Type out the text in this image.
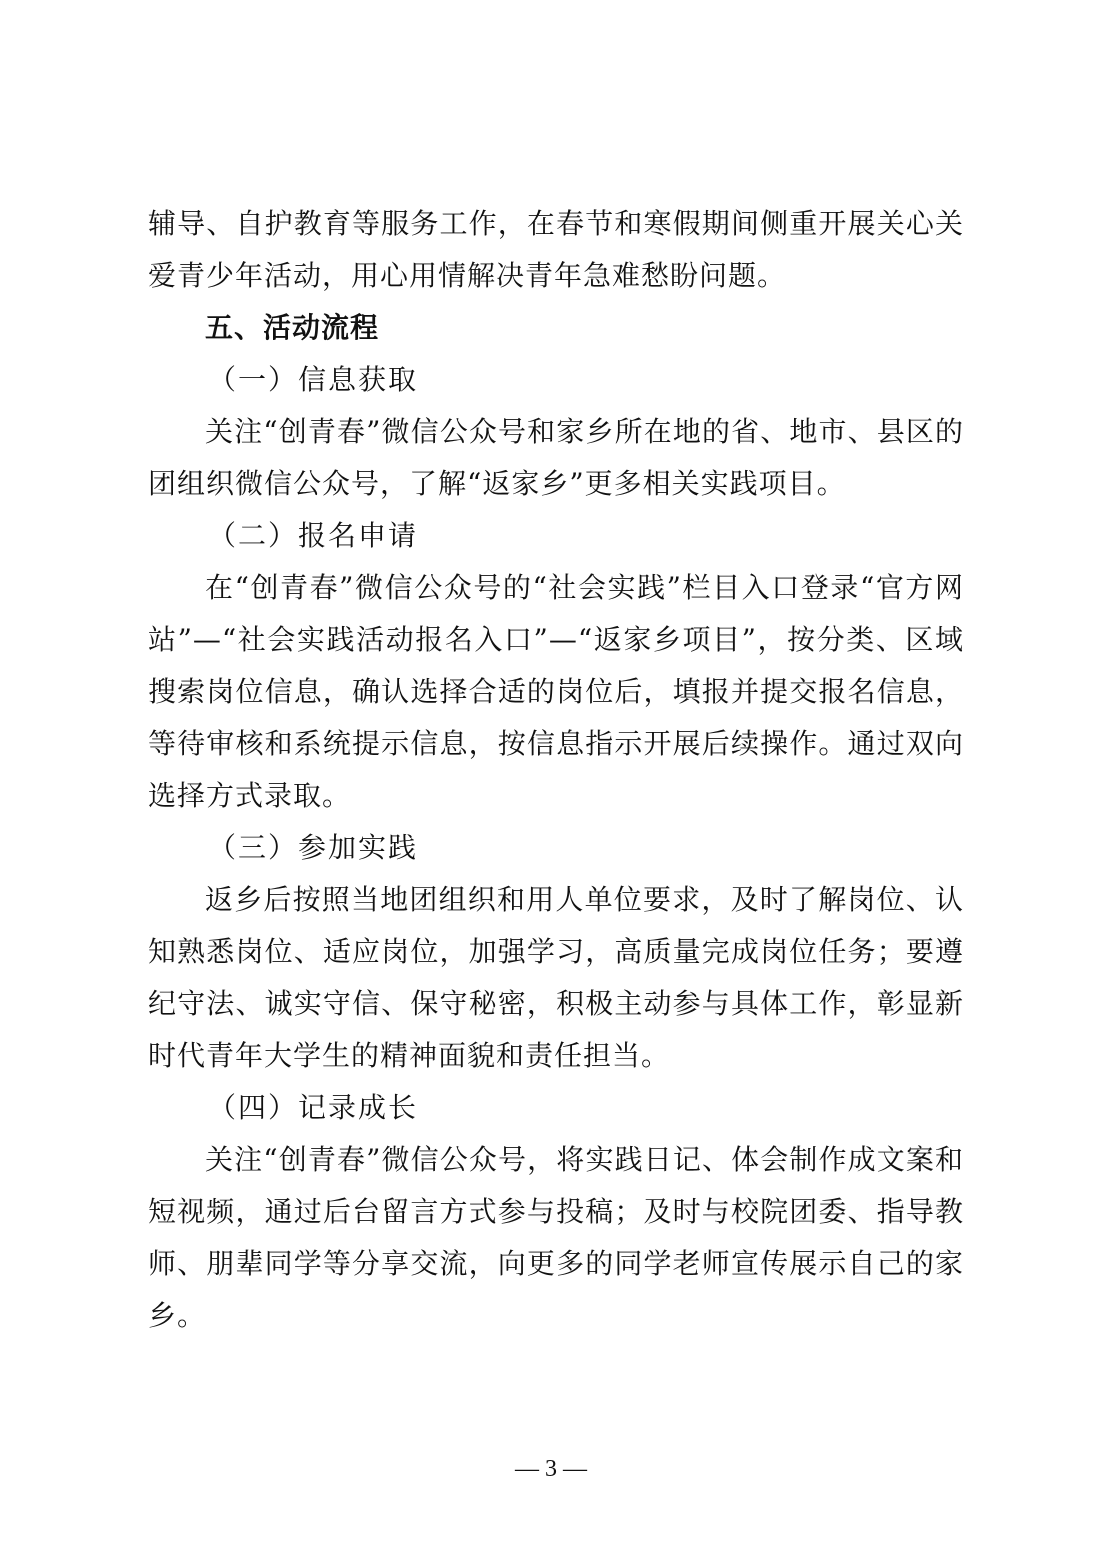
辅导、自护教育等服务工作，在春节和寒假期间侧重开展关心关爱青少年活动，用心用情解决青年急难愁盼问题。

五、活动流程

（一）信息获取

关注“创青春”微信公众号和家乡所在地的省、地市、县区的团组织微信公众号，了解“返家乡”更多相关实践项目。

（二）报名申请

在“创青春”微信公众号的“社会实践”栏目入口登录“官方网站”—“社会实践活动报名入口”—“返家乡项目”，按分类、区域搜索岗位信息，确认选择合适的岗位后，填报并提交报名信息，等待审核和系统提示信息，按信息指示开展后续操作。通过双向选择方式录取。

（三）参加实践

返乡后按照当地团组织和用人单位要求，及时了解岗位、认知熟悉岗位、适应岗位，加强学习，高质量完成岗位任务；要遵纪守法、诚实守信、保守秘密，积极主动参与具体工作，彰显新时代青年大学生的精神面貌和责任担当。

（四）记录成长

关注“创青春”微信公众号，将实践日记、体会制作成文案和短视频，通过后台留言方式参与投稿；及时与校院团委、指导教师、朋辈同学等分享交流，向更多的同学老师宣传展示自己的家乡。

— 3 —
